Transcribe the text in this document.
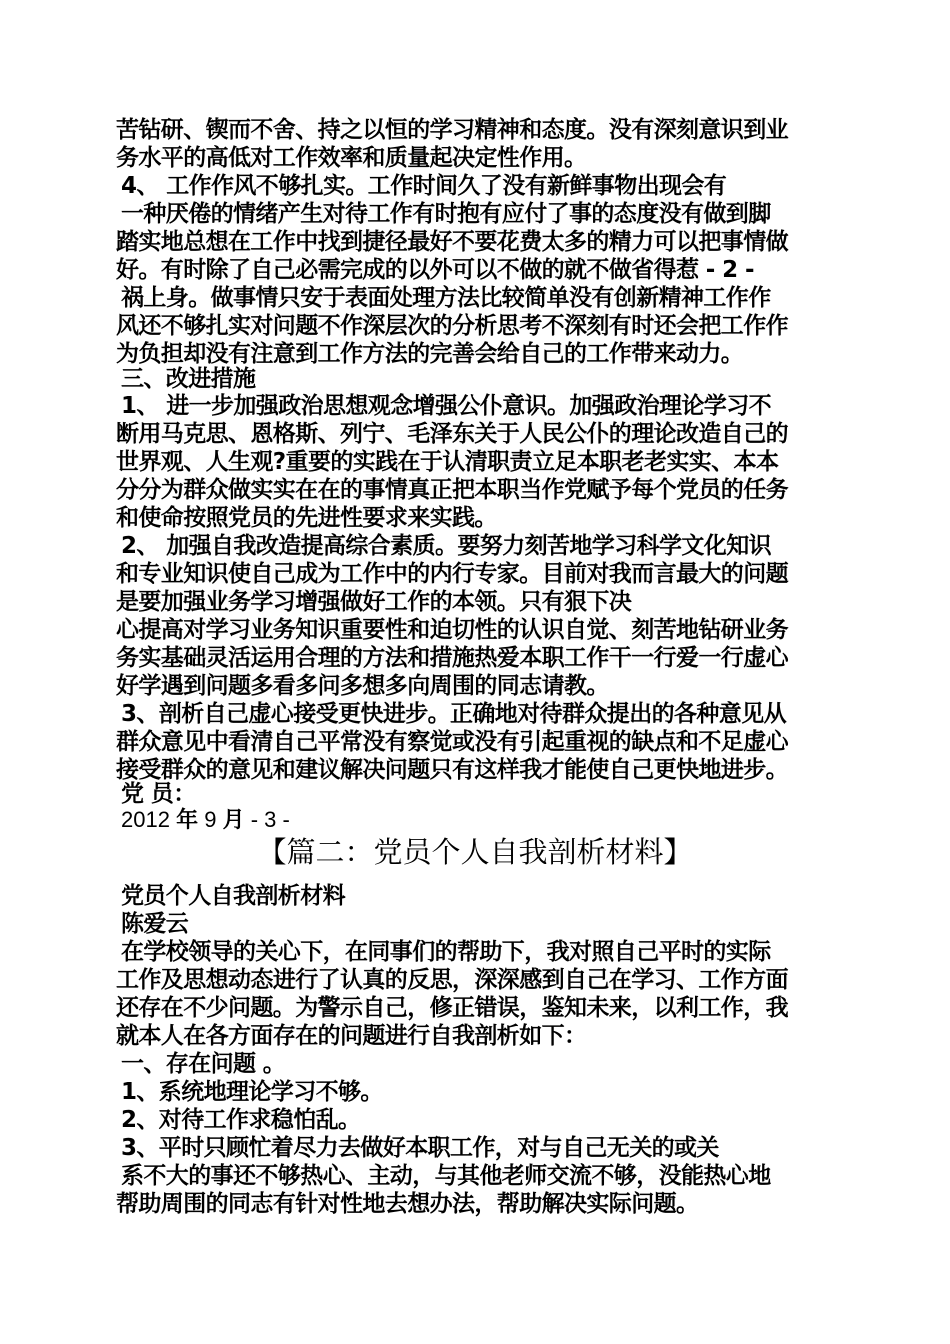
苦钻研、锲而不舍、持之以恒的学习精神和态度。没有深刻意识到业
务水平的高低对工作效率和质量起决定性作用。
4、 工作作风不够扎实。工作时间久了没有新鲜事物出现会有
一种厌倦的情绪产生对待工作有时抱有应付了事的态度没有做到脚
踏实地总想在工作中找到捷径最好不要花费太多的精力可以把事情做
好。有时除了自己必需完成的以外可以不做的就不做省得惹 - 2 -
祸上身。做事情只安于表面处理方法比较简单没有创新精神工作作
风还不够扎实对问题不作深层次的分析思考不深刻有时还会把工作作
为负担却没有注意到工作方法的完善会给自己的工作带来动力。
三、改进措施
1、 进一步加强政治思想观念增强公仆意识。加强政治理论学习不
断用马克思、恩格斯、列宁、毛泽东关于人民公仆的理论改造自己的
世界观、人生观?重要的实践在于认清职责立足本职老老实实、本本
分分为群众做实实在在的事情真正把本职当作党赋予每个党员的任务
和使命按照党员的先进性要求来实践。
2、 加强自我改造提高综合素质。要努力刻苦地学习科学文化知识
和专业知识使自己成为工作中的内行专家。目前对我而言最大的问题
是要加强业务学习增强做好工作的本领。只有狠下决
心提高对学习业务知识重要性和迫切性的认识自觉、刻苦地钻研业务
务实基础灵活运用合理的方法和措施热爱本职工作干一行爱一行虚心
好学遇到问题多看多问多想多向周围的同志请教。
3、剖析自己虚心接受更快进步。正确地对待群众提出的各种意见从
群众意见中看清自己平常没有察觉或没有引起重视的缺点和不足虚心
接受群众的意见和建议解决问题只有这样我才能使自己更快地进步。
党 员：
2012 年 9 月 - 3 -
【篇二：党员个人自我剖析材料】
党员个人自我剖析材料
陈爱云
在学校领导的关心下，在同事们的帮助下，我对照自己平时的实际
工作及思想动态进行了认真的反思，深深感到自己在学习、工作方面
还存在不少问题。为警示自己，修正错误，鉴知未来，以利工作，我
就本人在各方面存在的问题进行自我剖析如下：
一、存在问题 。
1、系统地理论学习不够。
2、对待工作求稳怕乱。
3、平时只顾忙着尽力去做好本职工作，对与自己无关的或关
系不大的事还不够热心、主动，与其他老师交流不够，没能热心地
帮助周围的同志有针对性地去想办法，帮助解决实际问题。
